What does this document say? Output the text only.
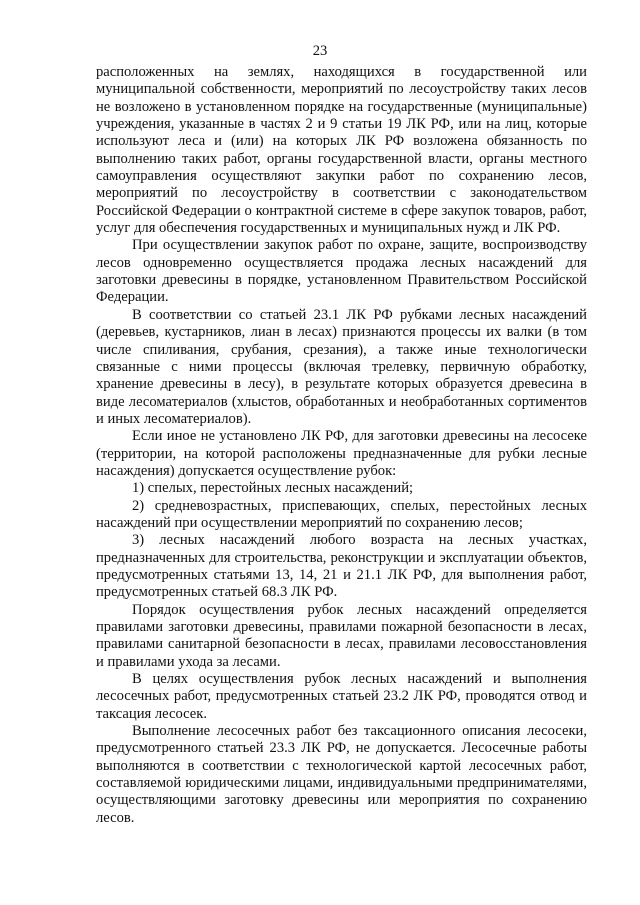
23

расположенных на землях, находящихся в государственной или муниципальной собственности, мероприятий по лесоустройству таких лесов не возложено в установленном порядке на государственные (муниципальные) учреждения, указанные в частях 2 и 9 статьи 19 ЛК РФ, или на лиц, которые используют леса и (или) на которых ЛК РФ возложена обязанность по выполнению таких работ, органы государственной власти, органы местного самоуправления осуществляют закупки работ по сохранению лесов, мероприятий по лесоустройству в соответствии с законодательством Российской Федерации о контрактной системе в сфере закупок товаров, работ, услуг для обеспечения государственных и муниципальных нужд и ЛК РФ.

При осуществлении закупок работ по охране, защите, воспроизводству лесов одновременно осуществляется продажа лесных насаждений для заготовки древесины в порядке, установленном Правительством Российской Федерации.

В соответствии со статьей 23.1 ЛК РФ рубками лесных насаждений (деревьев, кустарников, лиан в лесах) признаются процессы их валки (в том числе спиливания, срубания, срезания), а также иные технологически связанные с ними процессы (включая трелевку, первичную обработку, хранение древесины в лесу), в результате которых образуется древесина в виде лесоматериалов (хлыстов, обработанных и необработанных сортиментов и иных лесоматериалов).

Если иное не установлено ЛК РФ, для заготовки древесины на лесосеке (территории, на которой расположены предназначенные для рубки лесные насаждения) допускается осуществление рубок:

1) спелых, перестойных лесных насаждений;

2) средневозрастных, приспевающих, спелых, перестойных лесных насаждений при осуществлении мероприятий по сохранению лесов;

3) лесных насаждений любого возраста на лесных участках, предназначенных для строительства, реконструкции и эксплуатации объектов, предусмотренных статьями 13, 14, 21 и 21.1 ЛК РФ, для выполнения работ, предусмотренных статьей 68.3 ЛК РФ.

Порядок осуществления рубок лесных насаждений определяется правилами заготовки древесины, правилами пожарной безопасности в лесах, правилами санитарной безопасности в лесах, правилами лесовосстановления и правилами ухода за лесами.

В целях осуществления рубок лесных насаждений и выполнения лесосечных работ, предусмотренных статьей 23.2 ЛК РФ, проводятся отвод и таксация лесосек.

Выполнение лесосечных работ без таксационного описания лесосеки, предусмотренного статьей 23.3 ЛК РФ, не допускается. Лесосечные работы выполняются в соответствии с технологической картой лесосечных работ, составляемой юридическими лицами, индивидуальными предпринимателями, осуществляющими заготовку древесины или мероприятия по сохранению лесов.
